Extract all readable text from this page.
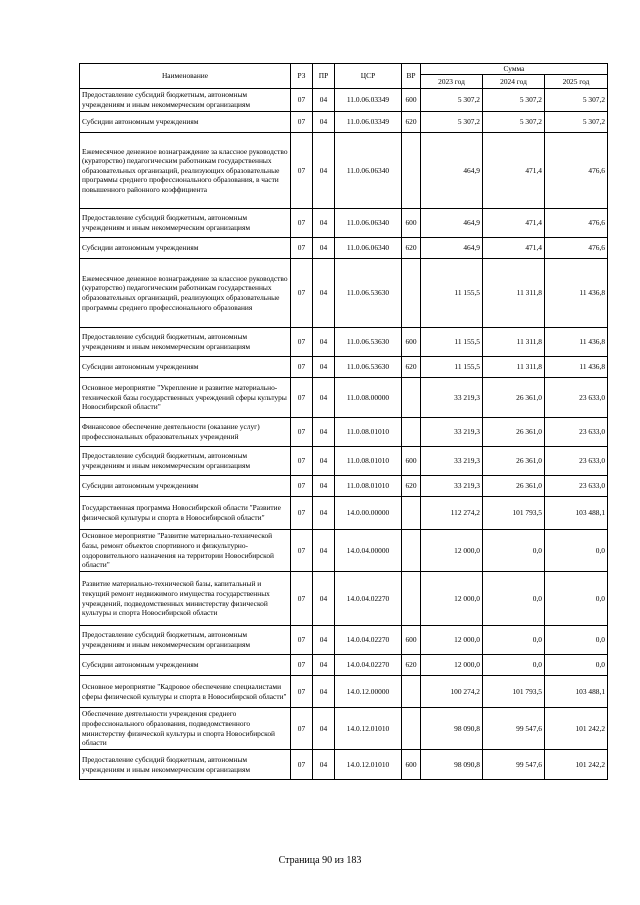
Наименование	РЗ	ПР	ЦСР	ВР	Сумма		
					2023 год	2024 год	2025 год
Предоставление субсидий бюджетным, автономным учреждениям и иным некоммерческим организациям	07	04	11.0.06.03349	600	5 307,2	5 307,2	5 307,2
Субсидии автономным учреждениям	07	04	11.0.06.03349	620	5 307,2	5 307,2	5 307,2
Ежемесячное денежное вознаграждение за классное руководство (кураторство) педагогическим работникам государственных образовательных организаций, реализующих образовательные программы среднего профессионального образования, в части повышенного районного коэффициента	07	04	11.0.06.06340		464,9	471,4	476,6
Предоставление субсидий бюджетным, автономным учреждениям и иным некоммерческим организациям	07	04	11.0.06.06340	600	464,9	471,4	476,6
Субсидии автономным учреждениям	07	04	11.0.06.06340	620	464,9	471,4	476,6
Ежемесячное денежное вознаграждение за классное руководство (кураторство) педагогическим работникам государственных образовательных организаций, реализующих образовательные программы среднего профессионального образования	07	04	11.0.06.53630		11 155,5	11 311,8	11 436,8
Предоставление субсидий бюджетным, автономным учреждениям и иным некоммерческим организациям	07	04	11.0.06.53630	600	11 155,5	11 311,8	11 436,8
Субсидии автономным учреждениям	07	04	11.0.06.53630	620	11 155,5	11 311,8	11 436,8
Основное мероприятие "Укрепление и развитие материально-технической базы государственных учреждений сферы культуры Новосибирской области"	07	04	11.0.08.00000		33 219,3	26 361,0	23 633,0
Финансовое обеспечение деятельности (оказание услуг) профессиональных образовательных учреждений	07	04	11.0.08.01010		33 219,3	26 361,0	23 633,0
Предоставление субсидий бюджетным, автономным учреждениям и иным некоммерческим организациям	07	04	11.0.08.01010	600	33 219,3	26 361,0	23 633,0
Субсидии автономным учреждениям	07	04	11.0.08.01010	620	33 219,3	26 361,0	23 633,0
Государственная программа Новосибирской области "Развитие физической культуры и спорта в Новосибирской области"	07	04	14.0.00.00000		112 274,2	101 793,5	103 488,1
Основное мероприятие "Развитие материально-технической базы, ремонт объектов спортивного и физкультурно-оздоровительного назначения на территории Новосибирской области"	07	04	14.0.04.00000		12 000,0	0,0	0,0
Развитие материально-технической базы, капитальный и текущий ремонт недвижимого имущества государственных учреждений, подведомственных министерству физической культуры и спорта Новосибирской области	07	04	14.0.04.02270		12 000,0	0,0	0,0
Предоставление субсидий бюджетным, автономным учреждениям и иным некоммерческим организациям	07	04	14.0.04.02270	600	12 000,0	0,0	0,0
Субсидии автономным учреждениям	07	04	14.0.04.02270	620	12 000,0	0,0	0,0
Основное мероприятие "Кадровое обеспечение специалистами сферы физической культуры и спорта в Новосибирской области"	07	04	14.0.12.00000		100 274,2	101 793,5	103 488,1
Обеспечение деятельности учреждения среднего профессионального образования, подведомственного министерству физической культуры и спорта Новосибирской области	07	04	14.0.12.01010		98 090,8	99 547,6	101 242,2
Предоставление субсидий бюджетным, автономным учреждениям и иным некоммерческим организациям	07	04	14.0.12.01010	600	98 090,8	99 547,6	101 242,2
Страница 90 из 183
